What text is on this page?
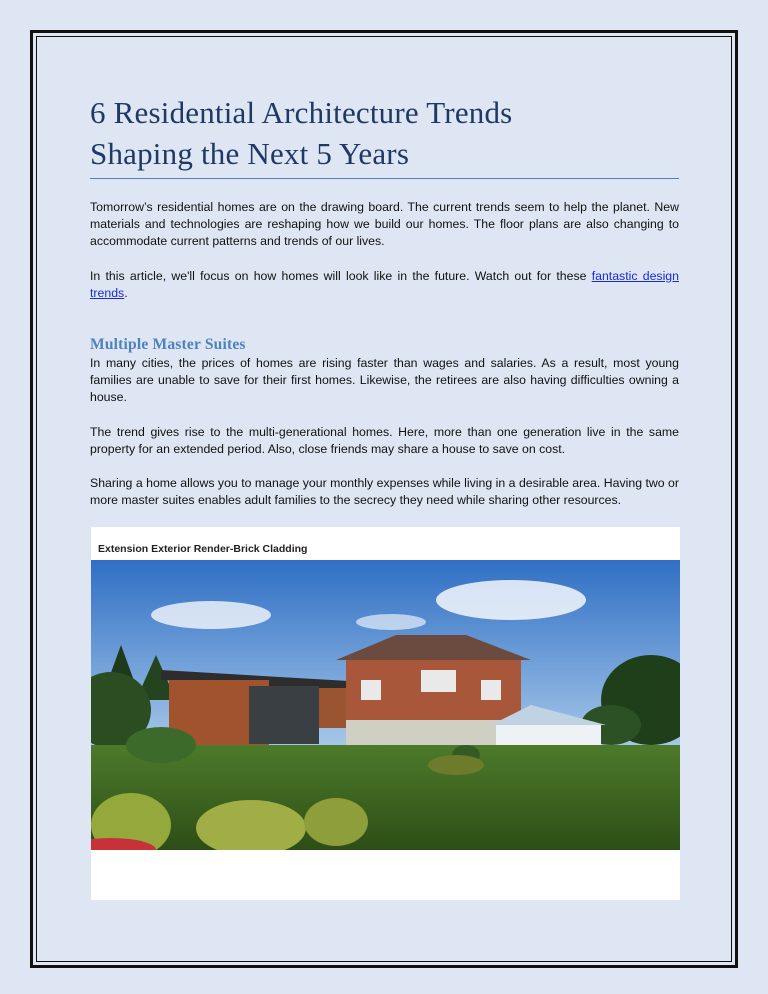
6 Residential Architecture Trends
Shaping the Next 5 Years

Tomorrow’s residential homes are on the drawing board. The current trends seem to help the planet. New materials and technologies are reshaping how we build our homes. The floor plans are also changing to accommodate current patterns and trends of our lives.

In this article, we'll focus on how homes will look like in the future. Watch out for these fantastic design trends.

Multiple Master Suites

In many cities, the prices of homes are rising faster than wages and salaries. As a result, most young families are unable to save for their first homes. Likewise, the retirees are also having difficulties owning a house.

The trend gives rise to the multi-generational homes. Here, more than one generation live in the same property for an extended period. Also, close friends may share a house to save on cost.

Sharing a home allows you to manage your monthly expenses while living in a desirable area. Having two or more master suites enables adult families to the secrecy they need while sharing other resources.

Extension Exterior Render-Brick Cladding
